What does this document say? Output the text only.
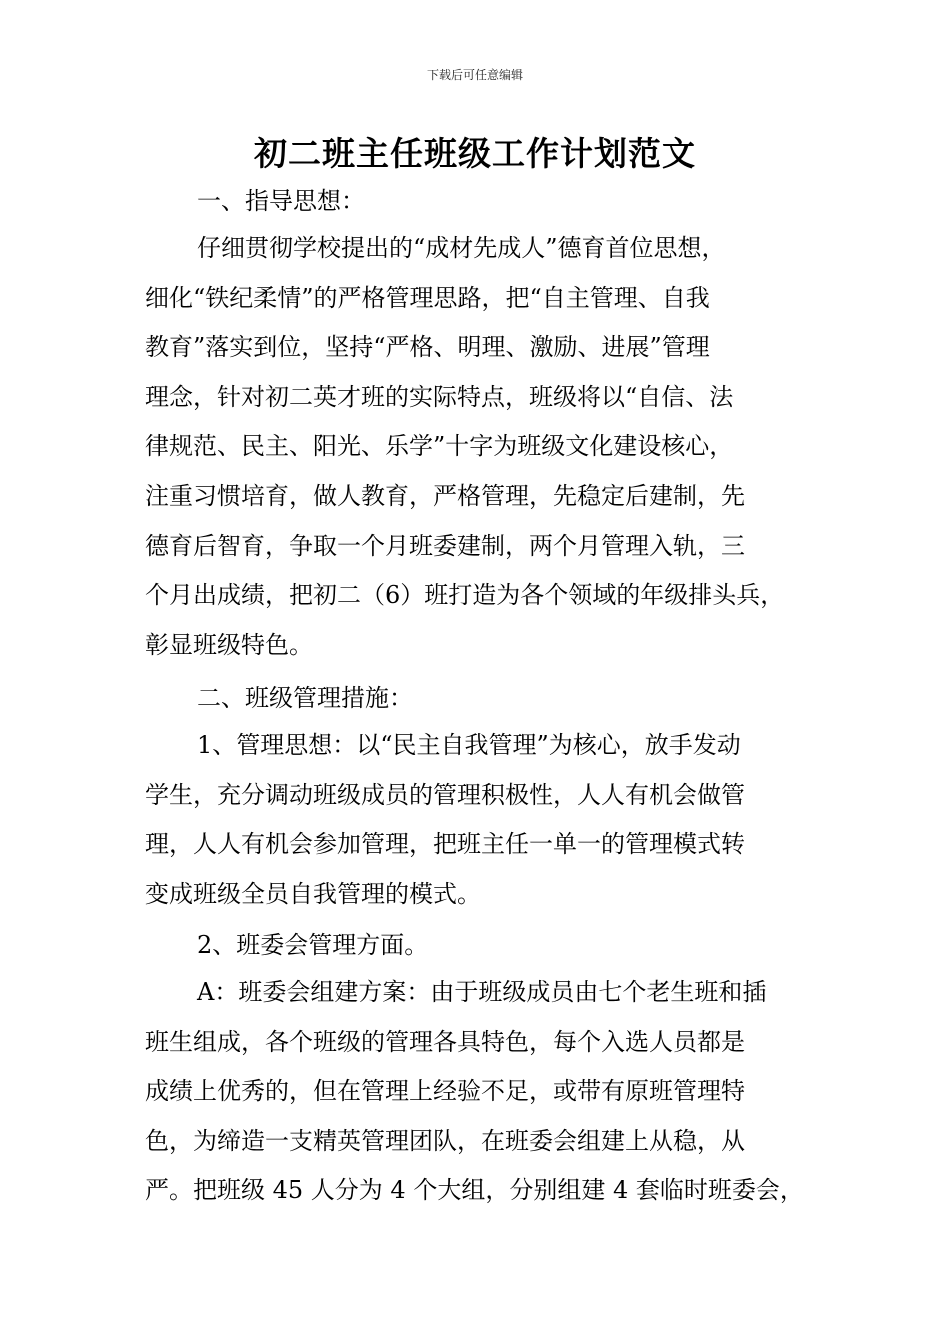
下载后可任意编辑
初二班主任班级工作计划范文
一、指导思想：
仔细贯彻学校提出的“成材先成人”德育首位思想，
细化“铁纪柔情”的严格管理思路，把“自主管理、自我
教育”落实到位，坚持“严格、明理、激励、进展”管理
理念，针对初二英才班的实际特点，班级将以“自信、法
律规范、民主、阳光、乐学”十字为班级文化建设核心，
注重习惯培育，做人教育，严格管理，先稳定后建制，先
德育后智育，争取一个月班委建制，两个月管理入轨，三
个月出成绩，把初二（6）班打造为各个领域的年级排头兵，
彰显班级特色。
二、班级管理措施：
1、管理思想：以“民主自我管理”为核心，放手发动
学生，充分调动班级成员的管理积极性，人人有机会做管
理，人人有机会参加管理，把班主任一单一的管理模式转
变成班级全员自我管理的模式。
2、班委会管理方面。
A：班委会组建方案：由于班级成员由七个老生班和插
班生组成，各个班级的管理各具特色，每个入选人员都是
成绩上优秀的，但在管理上经验不足，或带有原班管理特
色，为缔造一支精英管理团队，在班委会组建上从稳，从
严。把班级 45 人分为 4 个大组，分别组建 4 套临时班委会，
